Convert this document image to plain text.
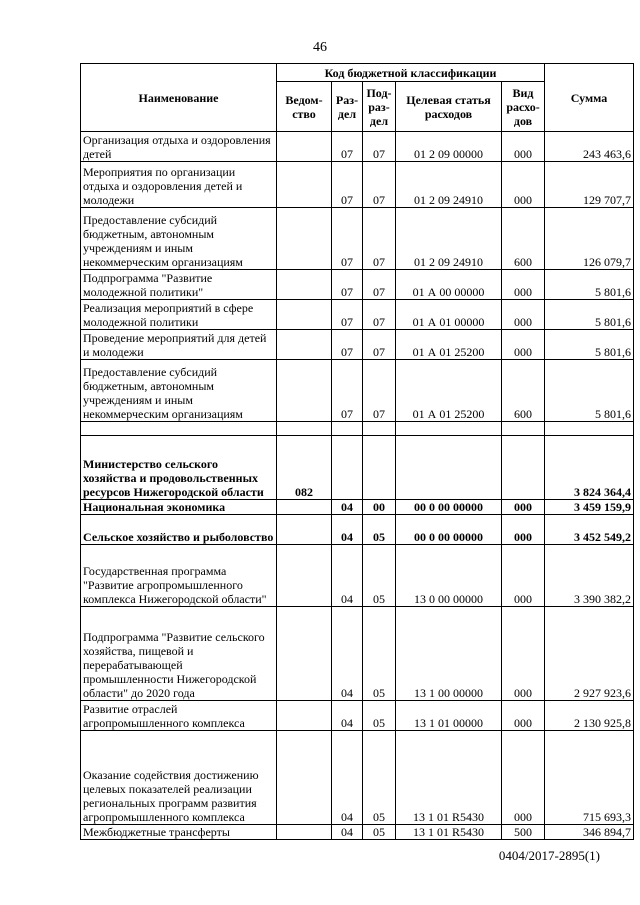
46
Наименование	Код бюджетной классификации					Сумма
	Ведом-ство	Раз-дел	Под-раз-дел	Целевая статья расходов	Вид расхо-дов	
Организация отдыха и оздоровления детей		07	07	01 2 09 00000	000	243 463,6
Мероприятия по организации отдыха и оздоровления детей и молодежи		07	07	01 2 09 24910	000	129 707,7
Предоставление субсидий бюджетным, автономным учреждениям и иным некоммерческим организациям		07	07	01 2 09 24910	600	126 079,7
Подпрограмма "Развитие молодежной политики"		07	07	01 А 00 00000	000	5 801,6
Реализация мероприятий в сфере молодежной политики		07	07	01 А 01 00000	000	5 801,6
Проведение мероприятий для детей и молодежи		07	07	01 А 01 25200	000	5 801,6
Предоставление субсидий бюджетным, автономным учреждениям и иным некоммерческим организациям		07	07	01 А 01 25200	600	5 801,6

Министерство сельского хозяйства и продовольственных ресурсов Нижегородской области	082					3 824 364,4
Национальная экономика		04	00	00 0 00 00000	000	3 459 159,9
Сельское хозяйство и рыболовство		04	05	00 0 00 00000	000	3 452 549,2
Государственная программа "Развитие агропромышленного комплекса Нижегородской области"		04	05	13 0 00 00000	000	3 390 382,2
Подпрограмма "Развитие сельского хозяйства, пищевой и перерабатывающей промышленности Нижегородской области" до 2020 года		04	05	13 1 00 00000	000	2 927 923,6
Развитие отраслей агропромышленного комплекса		04	05	13 1 01 00000	000	2 130 925,8
Оказание содействия достижению целевых показателей реализации региональных программ развития агропромышленного комплекса		04	05	13 1 01 R5430	000	715 693,3
Межбюджетные трансферты		04	05	13 1 01 R5430	500	346 894,7
0404/2017-2895(1)
